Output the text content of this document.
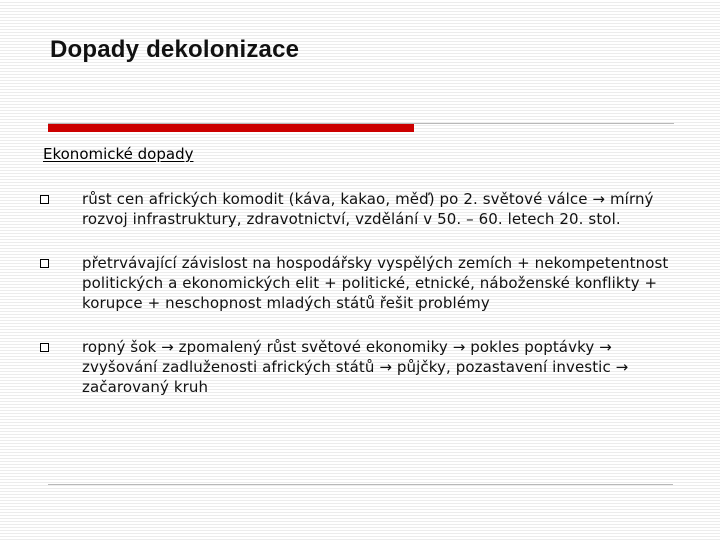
Dopady dekolonizace
Ekonomické dopady
růst cen afrických komodit (káva, kakao, měď) po 2. světové válce → mírný rozvoj infrastruktury, zdravotnictví, vzdělání v 50. – 60. letech 20. stol.
přetrvávající závislost na hospodářsky vyspělých zemích + nekompetentnost politických a ekonomických elit + politické, etnické, náboženské konflikty + korupce + neschopnost mladých států řešit problémy
ropný šok → zpomalený růst světové ekonomiky → pokles poptávky → zvyšování zadluženosti afrických států → půjčky, pozastavení investic → začarovaný kruh
